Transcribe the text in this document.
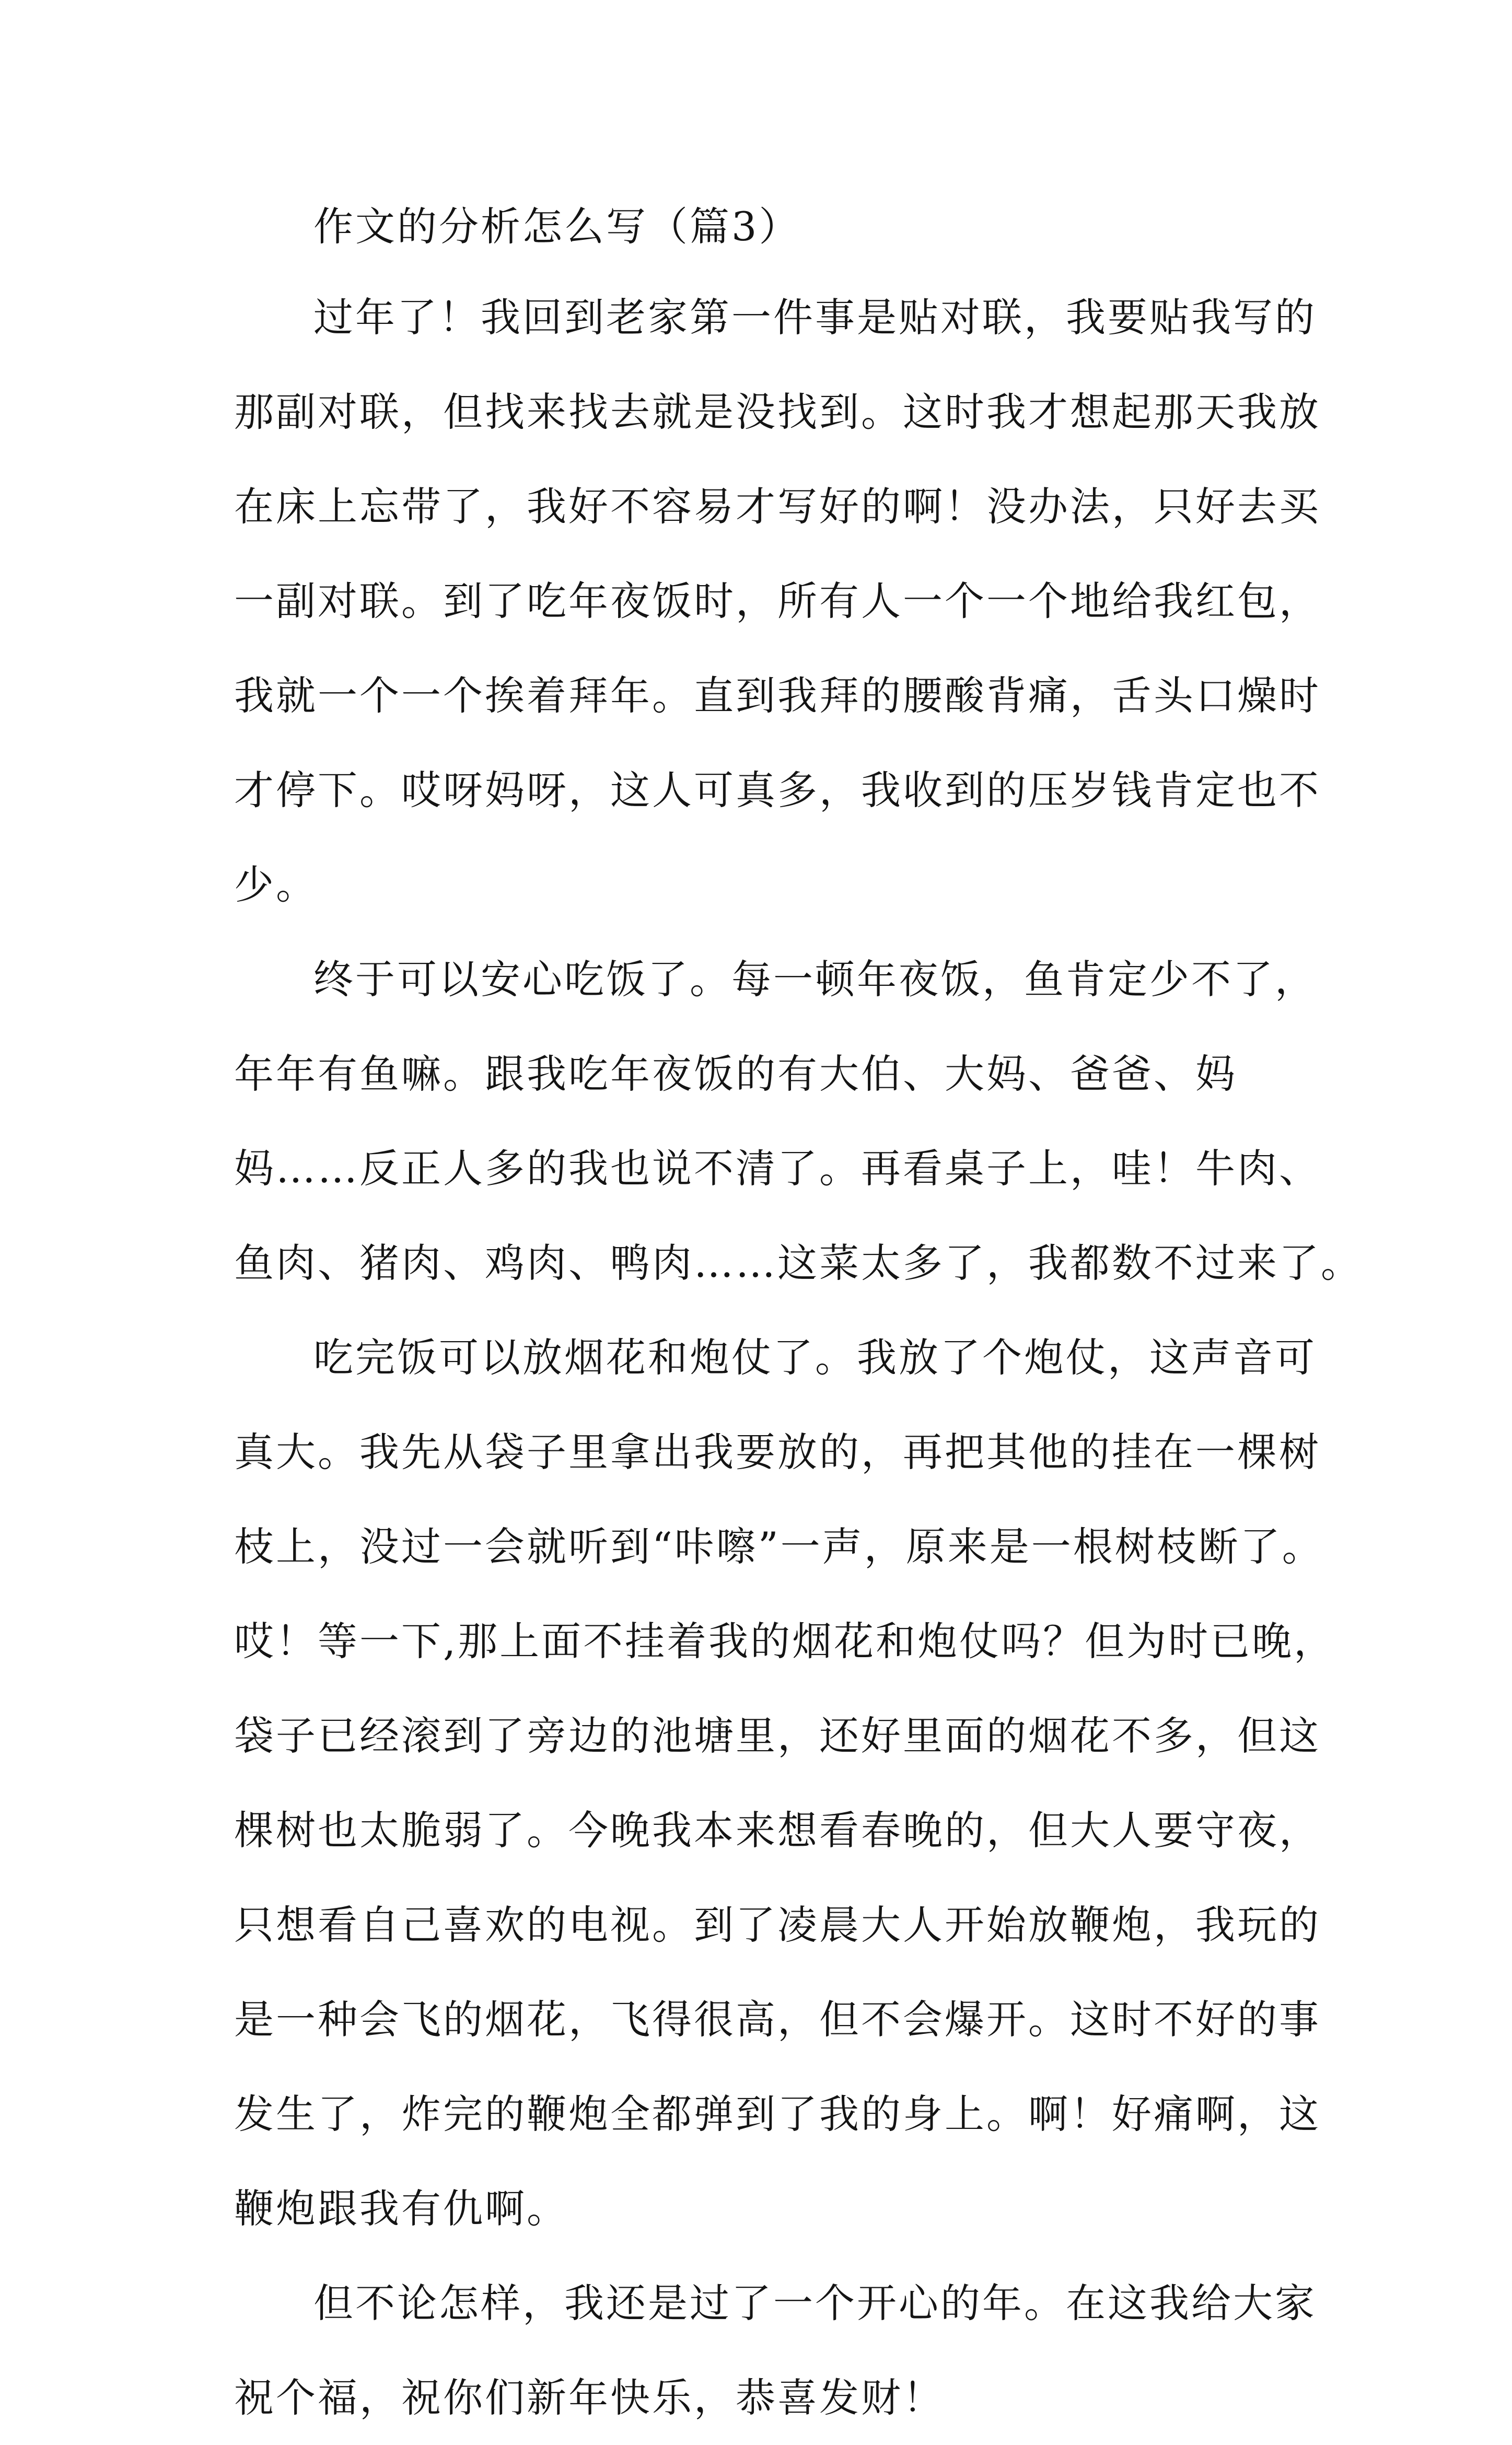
作文的分析怎么写（篇3）
过年了！我回到老家第一件事是贴对联，我要贴我写的
那副对联，但找来找去就是没找到。这时我才想起那天我放
在床上忘带了，我好不容易才写好的啊！没办法，只好去买
一副对联。到了吃年夜饭时，所有人一个一个地给我红包，
我就一个一个挨着拜年。直到我拜的腰酸背痛，舌头口燥时
才停下。哎呀妈呀，这人可真多，我收到的压岁钱肯定也不
少。
终于可以安心吃饭了。每一顿年夜饭，鱼肯定少不了，
年年有鱼嘛。跟我吃年夜饭的有大伯、大妈、爸爸、妈
妈……反正人多的我也说不清了。再看桌子上，哇！牛肉、
鱼肉、猪肉、鸡肉、鸭肉……这菜太多了，我都数不过来了。
吃完饭可以放烟花和炮仗了。我放了个炮仗，这声音可
真大。我先从袋子里拿出我要放的，再把其他的挂在一棵树
枝上，没过一会就听到“咔嚓”一声，原来是一根树枝断了。
哎！等一下,那上面不挂着我的烟花和炮仗吗？但为时已晚，
袋子已经滚到了旁边的池塘里，还好里面的烟花不多，但这
棵树也太脆弱了。今晚我本来想看春晚的，但大人要守夜，
只想看自己喜欢的电视。到了凌晨大人开始放鞭炮，我玩的
是一种会飞的烟花，飞得很高，但不会爆开。这时不好的事
发生了，炸完的鞭炮全都弹到了我的身上。啊！好痛啊，这
鞭炮跟我有仇啊。
但不论怎样，我还是过了一个开心的年。在这我给大家
祝个福，祝你们新年快乐，恭喜发财！
